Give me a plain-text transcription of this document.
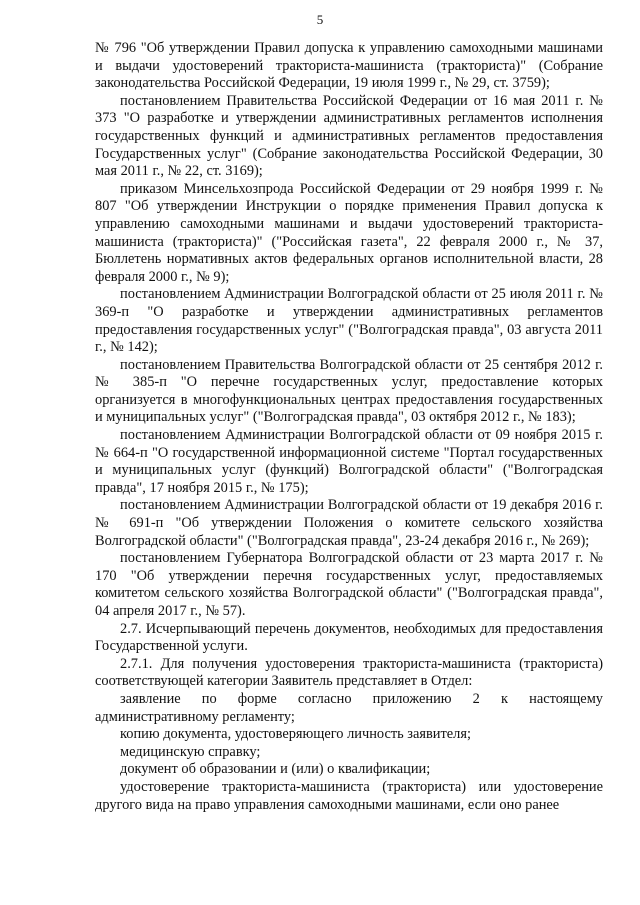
5

№ 796 "Об утверждении Правил допуска к управлению самоходными машинами и выдачи удостоверений тракториста-машиниста (тракториста)" (Собрание законодательства Российской Федерации, 19 июля 1999 г., № 29, ст. 3759);

постановлением Правительства Российской Федерации от 16 мая 2011 г. № 373 "О разработке и утверждении административных регламентов исполнения государственных функций и административных регламентов предоставления Государственных услуг" (Собрание законодательства Российской Федерации, 30 мая 2011 г., № 22, ст. 3169);

приказом Минсельхозпрода Российской Федерации от 29 ноября 1999 г. № 807 "Об утверждении Инструкции о порядке применения Правил допуска к управлению самоходными машинами и выдачи удостоверений тракториста-машиниста (тракториста)" ("Российская газета", 22 февраля 2000 г., № 37, Бюллетень нормативных актов федеральных органов исполнительной власти, 28 февраля 2000 г., № 9);

постановлением Администрации Волгоградской области от 25 июля 2011 г. № 369-п "О разработке и утверждении административных регламентов предоставления государственных услуг" ("Волгоградская правда", 03 августа 2011 г., № 142);

постановлением Правительства Волгоградской области от 25 сентября 2012 г. № 385-п "О перечне государственных услуг, предоставление которых организуется в многофункциональных центрах предоставления государственных и муниципальных услуг" ("Волгоградская правда", 03 октября 2012 г., № 183);

постановлением Администрации Волгоградской области от 09 ноября 2015 г. № 664-п "О государственной информационной системе "Портал государственных и муниципальных услуг (функций) Волгоградской области" ("Волгоградская правда", 17 ноября 2015 г., № 175);

постановлением Администрации Волгоградской области от 19 декабря 2016 г. № 691-п "Об утверждении Положения о комитете сельского хозяйства Волгоградской области" ("Волгоградская правда", 23-24 декабря 2016 г., № 269);

постановлением Губернатора Волгоградской области от 23 марта 2017 г. № 170 "Об утверждении перечня государственных услуг, предоставляемых комитетом сельского хозяйства Волгоградской области" ("Волгоградская правда", 04 апреля 2017 г., № 57).

2.7. Исчерпывающий перечень документов, необходимых для предоставления Государственной услуги.

2.7.1. Для получения удостоверения тракториста-машиниста (тракториста) соответствующей категории Заявитель представляет в Отдел:

заявление по форме согласно приложению 2 к настоящему административному регламенту;

копию документа, удостоверяющего личность заявителя;

медицинскую справку;

документ об образовании и (или) о квалификации;

удостоверение тракториста-машиниста (тракториста) или удостоверение другого вида на право управления самоходными машинами, если оно ранее
